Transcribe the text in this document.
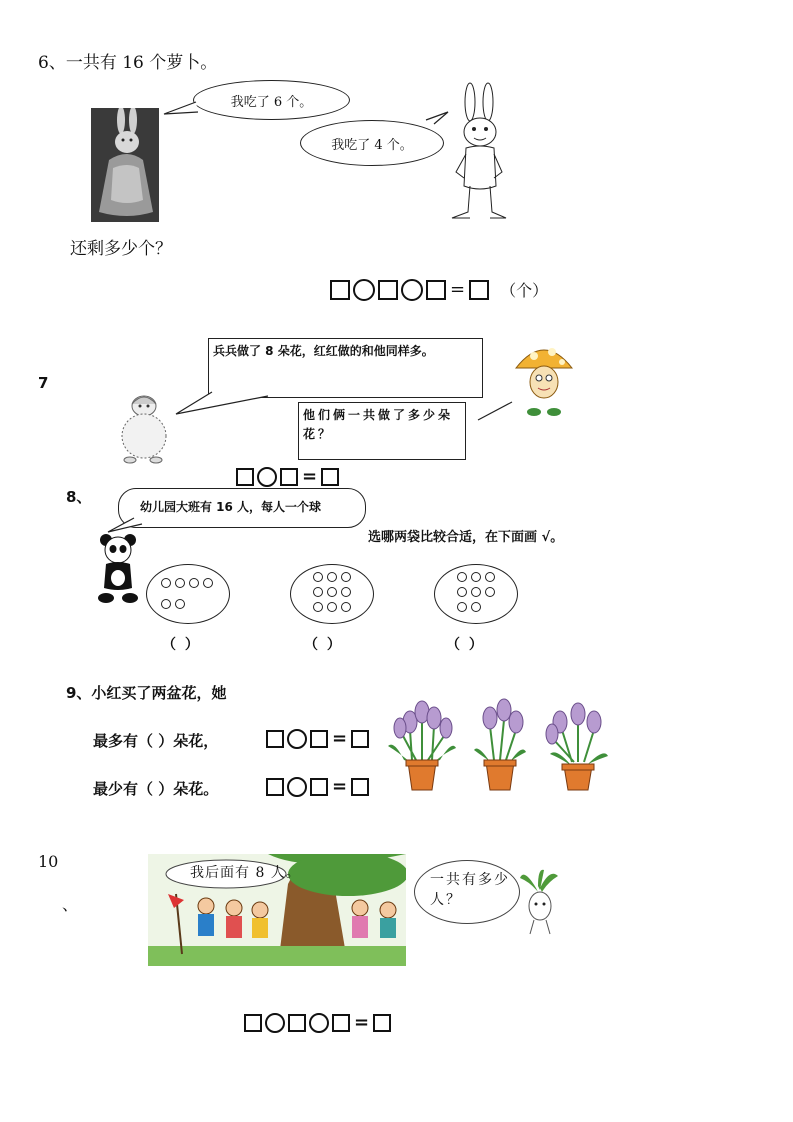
6、一共有 16 个萝卜。
我吃了 6 个。
我吃了 4 个。
还剩多少个？
= （个）
7
兵兵做了 8 朵花，红红做的和他同样多。
他们俩一共做了多少朵花？
=
8、
幼儿园大班有 16 人，每人一个球
选哪两袋比较合适，在下面画 √。
（ ）	（ ）	（ ）
9、小红买了两盆花，她
最多有（ ）朵花，
最少有（ ）朵花。
=
=
10
、
我后面有 8 人。	一共有多少人？
=
